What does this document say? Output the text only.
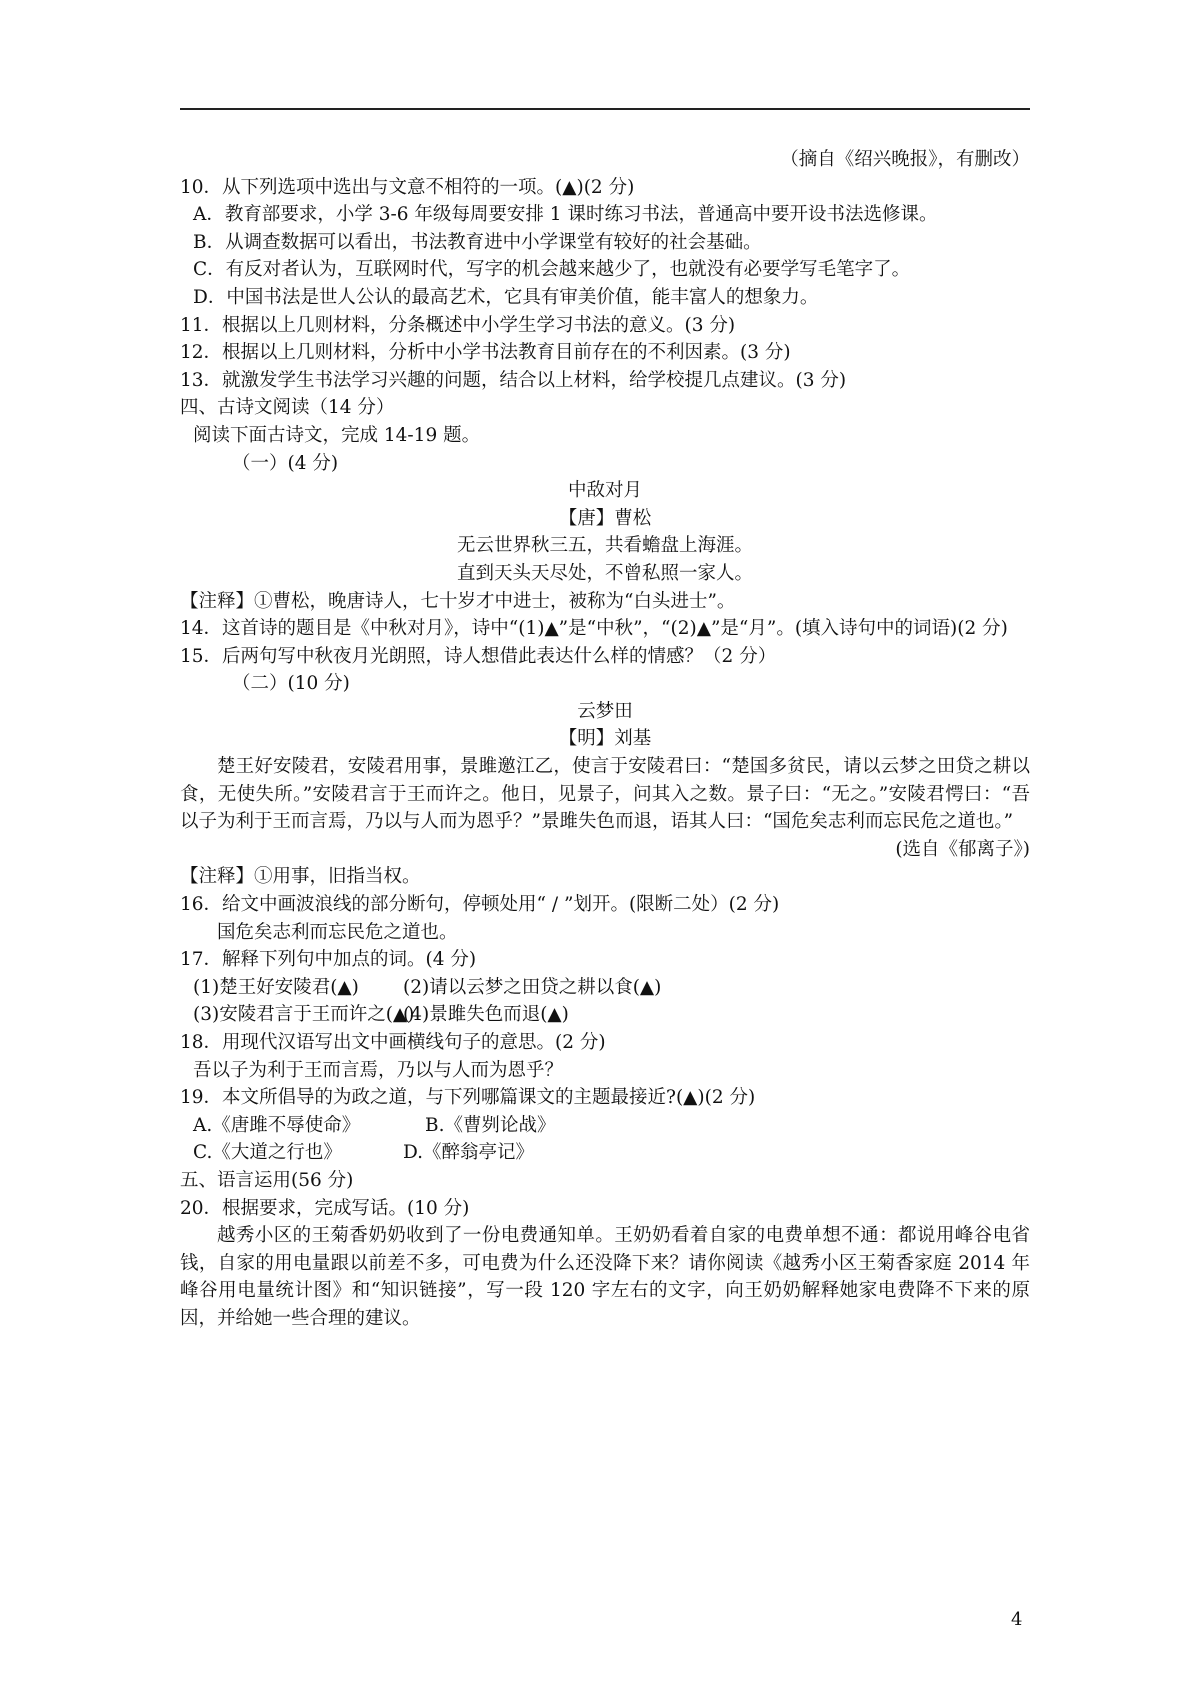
（摘自《绍兴晚报》，有删改）

10．从下列选项中选出与文意不相符的一项。(▲)(2 分)

A．教育部要求，小学 3-6 年级每周要安排 1 课时练习书法，普通高中要开设书法选修课。

B．从调查数据可以看出，书法教育进中小学课堂有较好的社会基础。

C．有反对者认为，互联网时代，写字的机会越来越少了，也就没有必要学写毛笔字了。

D．中国书法是世人公认的最高艺术，它具有审美价值，能丰富人的想象力。

11．根据以上几则材料，分条概述中小学生学习书法的意义。(3 分)

12．根据以上几则材料，分析中小学书法教育目前存在的不利因素。(3 分)

13．就激发学生书法学习兴趣的问题，结合以上材料，给学校提几点建议。(3 分)

四、古诗文阅读（14 分）

阅读下面古诗文，完成 14-19 题。

（一）(4 分)

中敌对月

【唐】曹松

无云世界秋三五，共看蟾盘上海涯。

直到天头天尽处，不曾私照一家人。

【注释】①曹松，晚唐诗人，七十岁才中进士，被称为“白头进士”。

14．这首诗的题目是《中秋对月》，诗中“(1)▲”是“中秋”，“(2)▲”是“月”。(填入诗句中的词语)(2 分)

15．后两句写中秋夜月光朗照，诗人想借此表达什么样的情感？（2 分）

（二）(10 分)

云梦田

【明】刘基

楚王好安陵君，安陵君用事，景雎邀江乙，使言于安陵君曰：“楚国多贫民，请以云梦之田贷之耕以食，无使失所。”安陵君言于王而许之。他日，见景子，问其入之数。景子曰：“无之。”安陵君愕曰：“吾以子为利于王而言焉，乃以与人而为恩乎？”景雎失色而退，语其人曰：“国危矣志利而忘民危之道也。”

(选自《郁离子》)

【注释】①用事，旧指当权。

16．给文中画波浪线的部分断句，停顿处用“ / ”划开。(限断二处）(2 分)

国危矣志利而忘民危之道也。

17．解释下列句中加点的词。(4 分)

(1)楚王好安陵君(▲) (2)请以云梦之田贷之耕以食(▲)

(3)安陵君言于王而许之(▲)(4)景雎失色而退(▲)

18．用现代汉语写出文中画横线句子的意思。(2 分)

吾以子为利于王而言焉，乃以与人而为恩乎？

19．本文所倡导的为政之道，与下列哪篇课文的主题最接近?(▲)(2 分)

A.《唐雎不辱使命》	B.《曹刿论战》

C.《大道之行也》	D.《醉翁亭记》

五、语言运用(56 分)

20．根据要求，完成写话。(10 分)

越秀小区的王菊香奶奶收到了一份电费通知单。王奶奶看着自家的电费单想不通：都说用峰谷电省钱，自家的用电量跟以前差不多，可电费为什么还没降下来？请你阅读《越秀小区王菊香家庭 2014 年峰谷用电量统计图》和“知识链接”，写一段 120 字左右的文字，向王奶奶解释她家电费降不下来的原因，并给她一些合理的建议。

4
